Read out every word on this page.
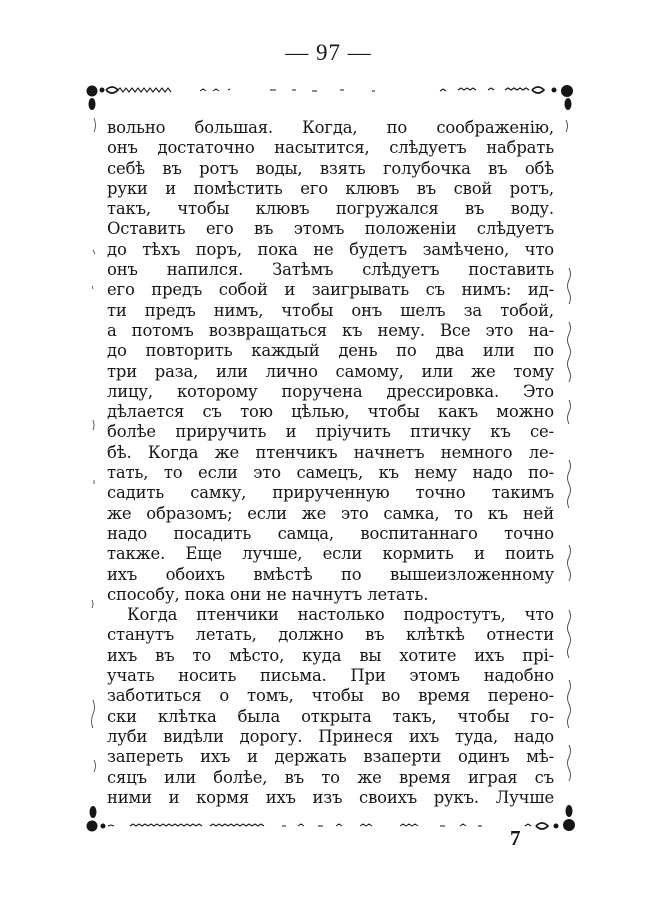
— 97 —
вольно большая. Когда, по соображенію,
онъ достаточно насытится, слѣдуетъ набрать
себѣ въ ротъ воды, взять голубочка въ обѣ
руки и помѣстить его клювъ въ свой ротъ,
такъ, чтобы клювъ погружался въ воду.
Оставить его въ этомъ положеніи слѣдуетъ
до тѣхъ поръ, пока не будетъ замѣчено, что
онъ напился. Затѣмъ слѣдуетъ поставить
его предъ собой и заигрывать съ нимъ: ид-
ти предъ нимъ, чтобы онъ шелъ за тобой,
а потомъ возвращаться къ нему. Все это на-
до повторить каждый день по два или по
три раза, или лично самому, или же тому
лицу, которому поручена дрессировка. Это
дѣлается съ тою цѣлью, чтобы какъ можно
болѣе приручить и пріучить птичку къ се-
бѣ. Когда же птенчикъ начнетъ немного ле-
тать, то если это самецъ, къ нему надо по-
садить самку, прирученную точно такимъ
же образомъ; если же это самка, то къ ней
надо посадить самца, воспитаннаго точно
также. Еще лучше, если кормить и поить
ихъ обоихъ вмѣстѣ по вышеизложенному
способу, пока они не начнутъ летать.
Когда птенчики настолько подростутъ, что
станутъ летать, должно въ клѣткѣ отнести
ихъ въ то мѣсто, куда вы хотите ихъ прі-
учать носить письма. При этомъ надобно
заботиться о томъ, чтобы во время перено-
ски клѣтка была открыта такъ, чтобы го-
луби видѣли дорогу. Принеся ихъ туда, надо
запереть ихъ и держать взаперти одинъ мѣ-
сяцъ или болѣе, въ то же время играя съ
ними и кормя ихъ изъ своихъ рукъ. Лучше
7
